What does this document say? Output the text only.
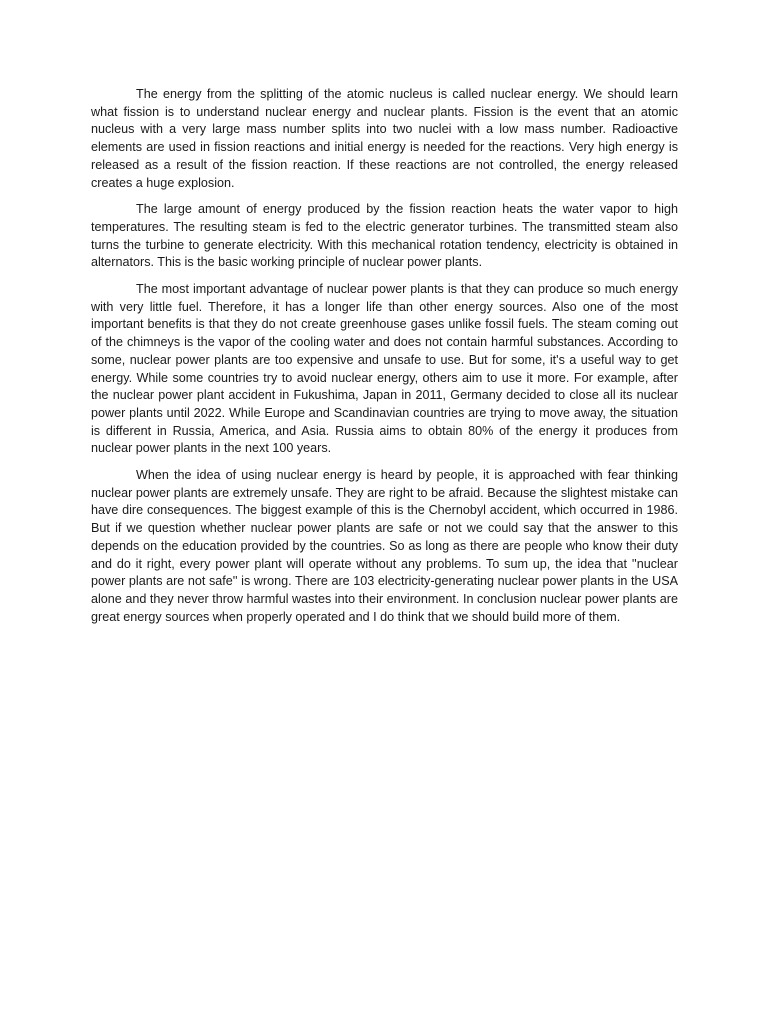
The energy from the splitting of the atomic nucleus is called nuclear energy. We should learn what fission is to understand nuclear energy and nuclear plants. Fission is the event that an atomic nucleus with a very large mass number splits into two nuclei with a low mass number. Radioactive elements are used in fission reactions and initial energy is needed for the reactions. Very high energy is released as a result of the fission reaction. If these reactions are not controlled, the energy released creates a huge explosion.

The large amount of energy produced by the fission reaction heats the water vapor to high temperatures. The resulting steam is fed to the electric generator turbines. The transmitted steam also turns the turbine to generate electricity. With this mechanical rotation tendency, electricity is obtained in alternators. This is the basic working principle of nuclear power plants.

The most important advantage of nuclear power plants is that they can produce so much energy with very little fuel. Therefore, it has a longer life than other energy sources. Also one of the most important benefits is that they do not create greenhouse gases unlike fossil fuels. The steam coming out of the chimneys is the vapor of the cooling water and does not contain harmful substances. According to some, nuclear power plants are too expensive and unsafe to use. But for some, it's a useful way to get energy. While some countries try to avoid nuclear energy, others aim to use it more. For example, after the nuclear power plant accident in Fukushima, Japan in 2011, Germany decided to close all its nuclear power plants until 2022. While Europe and Scandinavian countries are trying to move away, the situation is different in Russia, America, and Asia. Russia aims to obtain 80% of the energy it produces from nuclear power plants in the next 100 years.

When the idea of using nuclear energy is heard by people, it is approached with fear thinking nuclear power plants are extremely unsafe. They are right to be afraid. Because the slightest mistake can have dire consequences. The biggest example of this is the Chernobyl accident, which occurred in 1986. But if we question whether nuclear power plants are safe or not we could say that the answer to this depends on the education provided by the countries. So as long as there are people who know their duty and do it right, every power plant will operate without any problems. To sum up, the idea that ''nuclear power plants are not safe'' is wrong. There are 103 electricity-generating nuclear power plants in the USA alone and they never throw harmful wastes into their environment. In conclusion nuclear power plants are great energy sources when properly operated and I do think that we should build more of them.
